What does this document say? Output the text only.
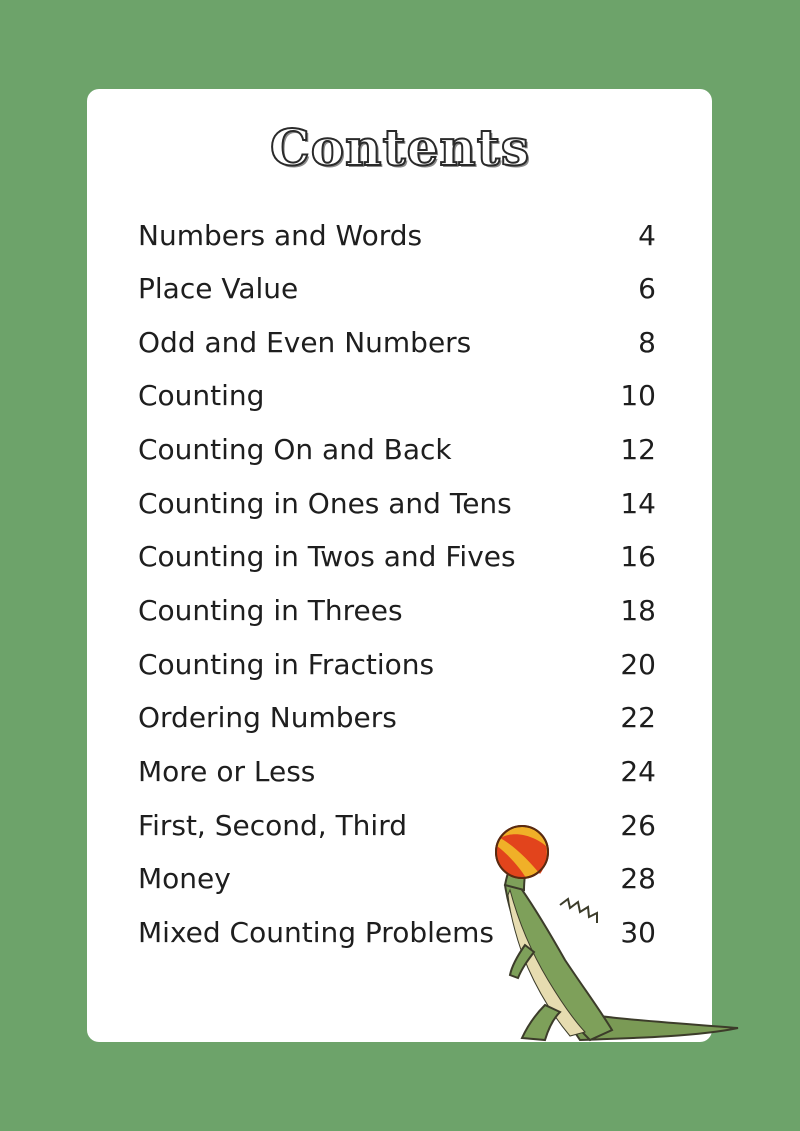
Contents
Numbers and Words	4
Place Value	6
Odd and Even Numbers	8
Counting	10
Counting On and Back	12
Counting in Ones and Tens	14
Counting in Twos and Fives	16
Counting in Threes	18
Counting in Fractions	20
Ordering Numbers	22
More or Less	24
First, Second, Third	26
Money	28
Mixed Counting Problems	30
